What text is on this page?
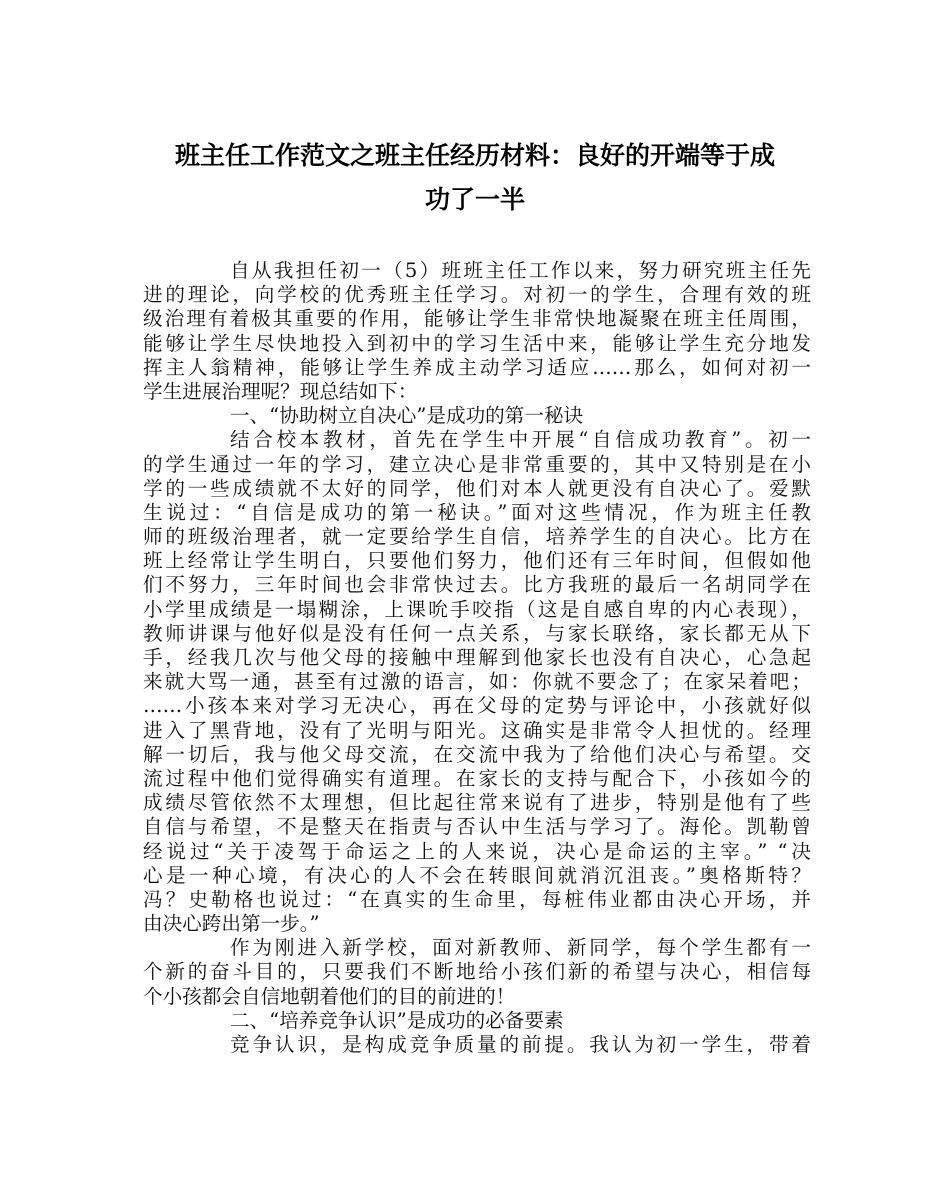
班主任工作范文之班主任经历材料：良好的开端等于成
功了一半
自从我担任初一（5）班班主任工作以来，努力研究班主任先
进的理论，向学校的优秀班主任学习。对初一的学生，合理有效的班
级治理有着极其重要的作用，能够让学生非常快地凝聚在班主任周围，
能够让学生尽快地投入到初中的学习生活中来，能够让学生充分地发
挥主人翁精神，能够让学生养成主动学习适应……那么，如何对初一
学生进展治理呢？现总结如下：
一、“协助树立自决心”是成功的第一秘诀
结合校本教材，首先在学生中开展“自信成功教育”。初一
的学生通过一年的学习，建立决心是非常重要的，其中又特别是在小
学的一些成绩就不太好的同学，他们对本人就更没有自决心了。爱默
生说过：“自信是成功的第一秘诀。”面对这些情况，作为班主任教
师的班级治理者，就一定要给学生自信，培养学生的自决心。比方在
班上经常让学生明白，只要他们努力，他们还有三年时间，但假如他
们不努力，三年时间也会非常快过去。比方我班的最后一名胡同学在
小学里成绩是一塌糊涂，上课吮手咬指（这是自感自卑的内心表现），
教师讲课与他好似是没有任何一点关系，与家长联络，家长都无从下
手，经我几次与他父母的接触中理解到他家长也没有自决心，心急起
来就大骂一通，甚至有过激的语言，如：你就不要念了；在家呆着吧；
……小孩本来对学习无决心，再在父母的定势与评论中，小孩就好似
进入了黑背地，没有了光明与阳光。这确实是非常令人担忧的。经理
解一切后，我与他父母交流，在交流中我为了给他们决心与希望。交
流过程中他们觉得确实有道理。在家长的支持与配合下，小孩如今的
成绩尽管依然不太理想，但比起往常来说有了进步，特别是他有了些
自信与希望，不是整天在指责与否认中生活与学习了。海伦。凯勒曾
经说过“关于凌驾于命运之上的人来说，决心是命运的主宰。” “决
心是一种心境，有决心的人不会在转眼间就消沉沮丧。”奥格斯特？
冯？史勒格也说过：“在真实的生命里，每桩伟业都由决心开场，并
由决心跨出第一步。”
作为刚进入新学校，面对新教师、新同学，每个学生都有一
个新的奋斗目的，只要我们不断地给小孩们新的希望与决心，相信每
个小孩都会自信地朝着他们的目的前进的！
二、“培养竞争认识”是成功的必备要素
竞争认识，是构成竞争质量的前提。我认为初一学生，带着
